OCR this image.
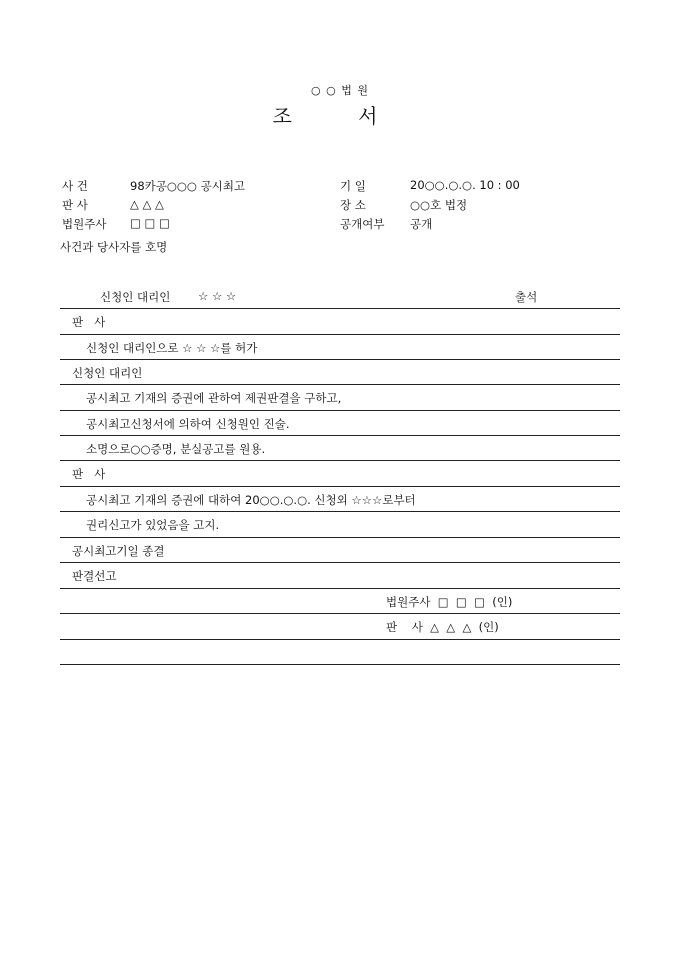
○ ○ 법 원
조 서
사 건	98카공○○○ 공시최고	기 일	20○○.○.○. 10 : 00
판 사	△ △ △	장 소	○○호 법정
법원주사 □ □ □	공개여부 공개
사건과 당사자를 호명
신청인 대리인 ☆ ☆ ☆	출석
판   사
신청인 대리인으로 ☆ ☆ ☆를 허가
신청인 대리인
공시최고 기재의 증권에 관하여 제권판결을 구하고,
공시최고신청서에 의하여 신청원인 진술.
소명으로○○증명, 분실공고를 원용.
판   사
공시최고 기재의 증권에 대하여 20○○.○.○. 신청외 ☆☆☆로부터
권리신고가 있었음을 고지.
공시최고기일 종결
판결선고
법원주사  □  □  □  (인)
판    사  △  △  △  (인)
